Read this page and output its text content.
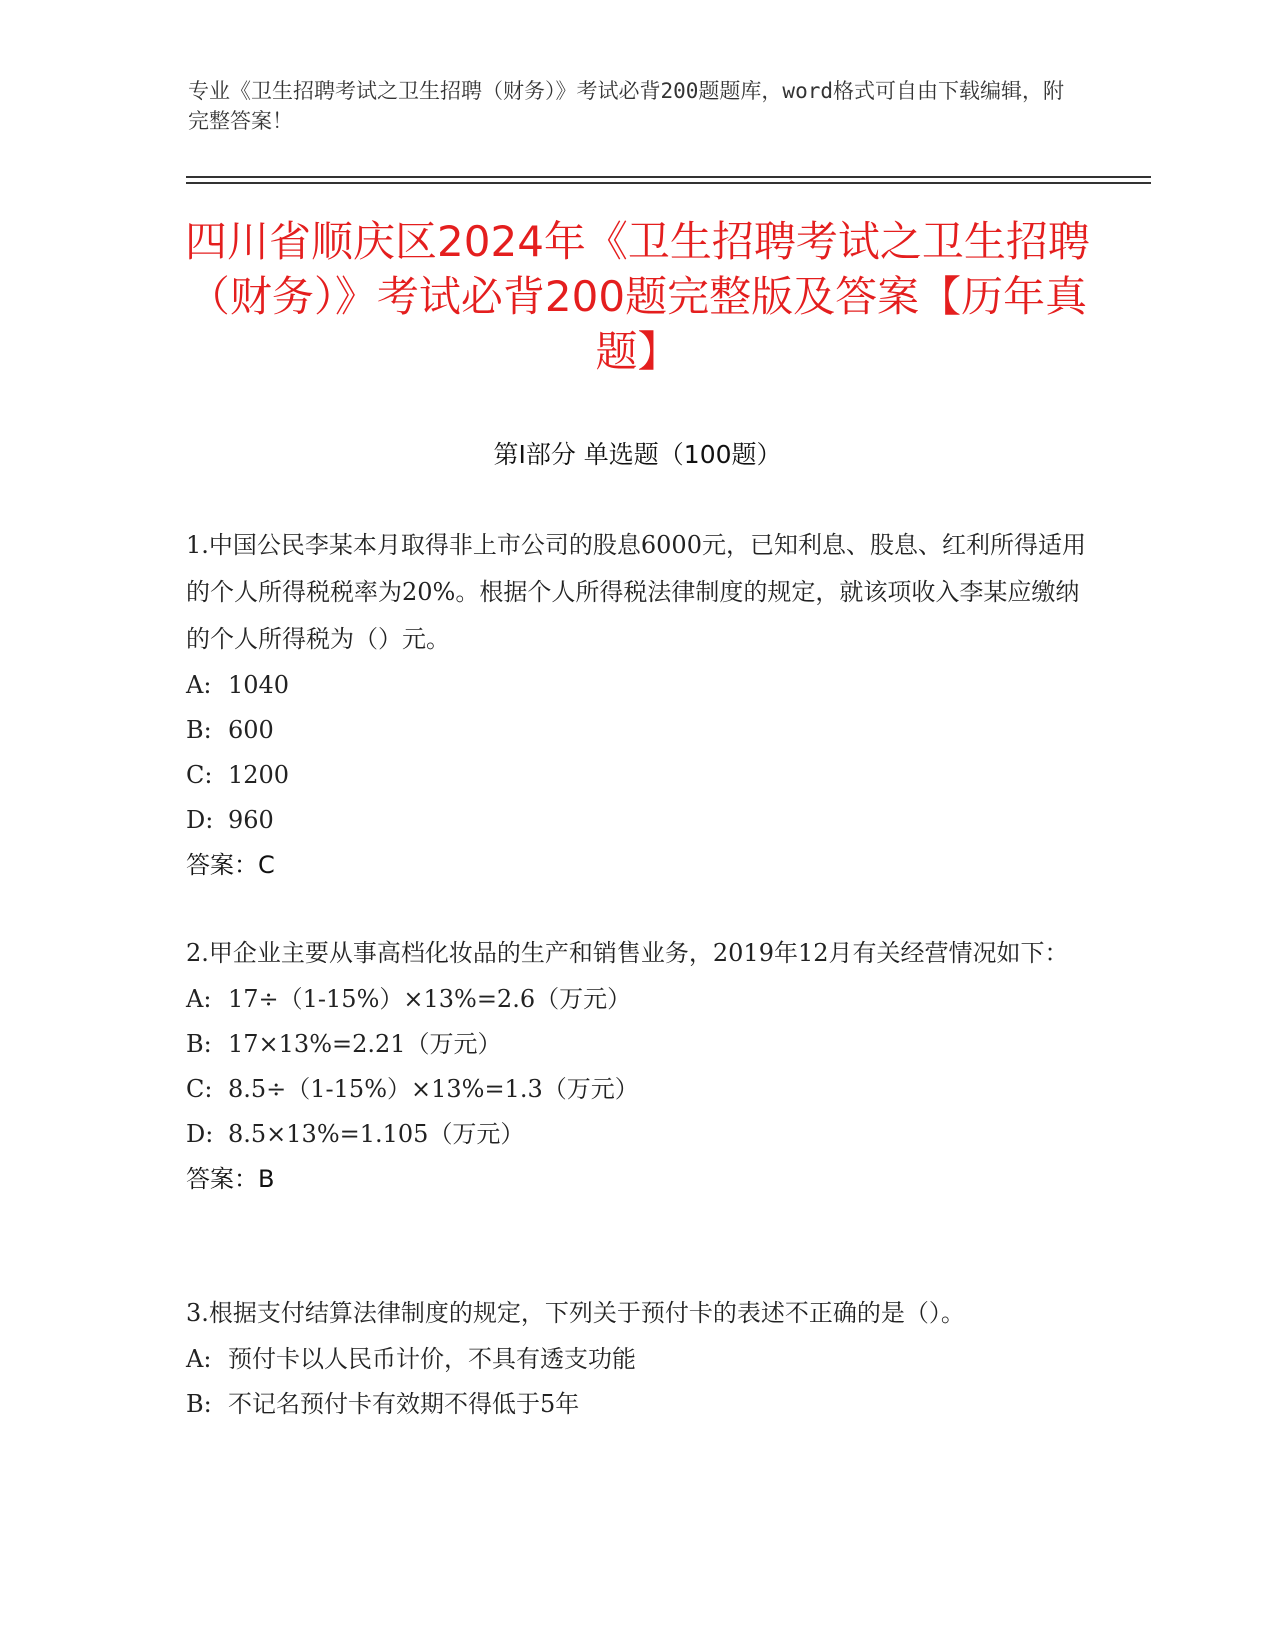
专业《卫生招聘考试之卫生招聘（财务）》考试必背200题题库，word格式可自由下载编辑，附完整答案！
四川省顺庆区2024年《卫生招聘考试之卫生招聘（财务）》考试必背200题完整版及答案【历年真题】
第Ⅰ部分 单选题（100题）
1.中国公民李某本月取得非上市公司的股息6000元，已知利息、股息、红利所得适用的个人所得税税率为20%。根据个人所得税法律制度的规定，就该项收入李某应缴纳的个人所得税为（）元。
A: 1040
B: 600
C: 1200
D: 960
答案：C
2.甲企业主要从事高档化妆品的生产和销售业务，2019年12月有关经营情况如下：
A: 17÷（1-15%）×13%=2.6（万元）
B: 17×13%=2.21（万元）
C: 8.5÷（1-15%）×13%=1.3（万元）
D: 8.5×13%=1.105（万元）
答案：B
3.根据支付结算法律制度的规定，下列关于预付卡的表述不正确的是（）。
A: 预付卡以人民币计价，不具有透支功能
B: 不记名预付卡有效期不得低于5年
